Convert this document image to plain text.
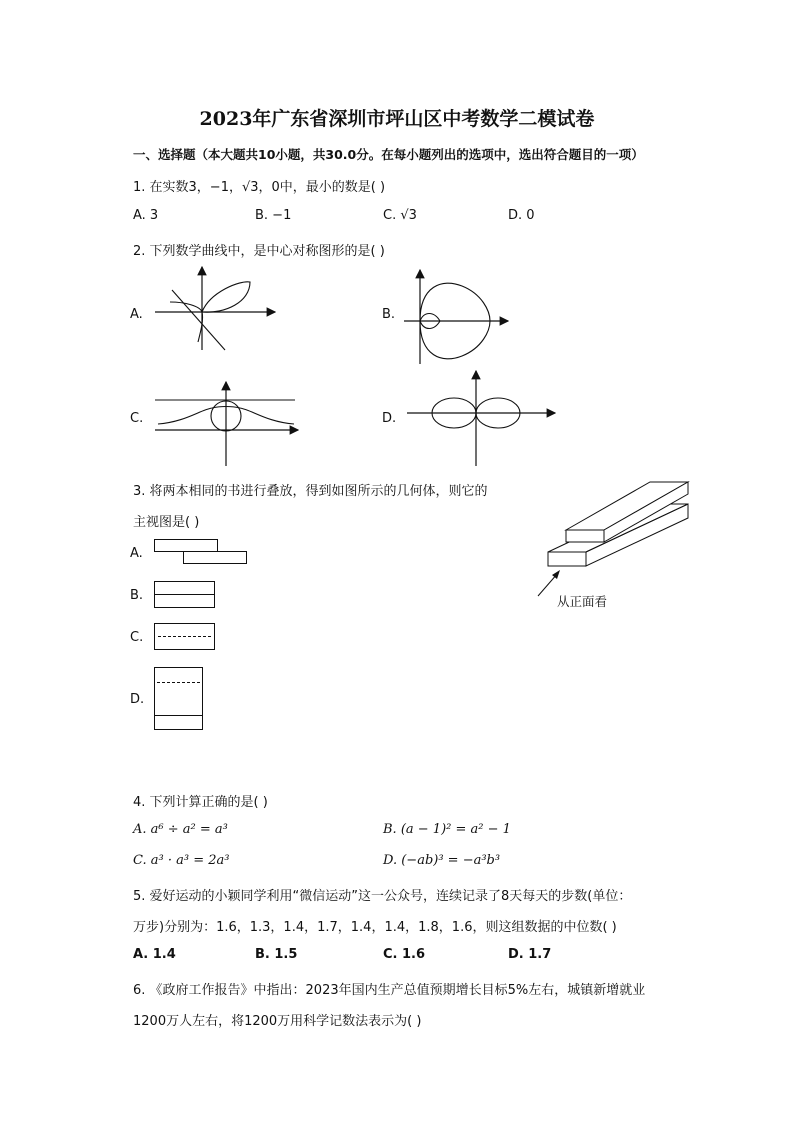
2023年广东省深圳市坪山区中考数学二模试卷
一、选择题（本大题共10小题，共30.0分。在每小题列出的选项中，选出符合题目的一项）
1. 在实数3，−1，√3，0中，最小的数是( )
A. 3	B. −1	C. √3	D. 0
2. 下列数学曲线中，是中心对称图形的是( )
A.	B.
C.	D.
3. 将两本相同的书进行叠放，得到如图所示的几何体，则它的
主视图是( )
A.
B.
C.
D.
从正面看
4. 下列计算正确的是( )
A. a⁶ ÷ a² = a³	B. (a − 1)² = a² − 1
C. a³ · a³ = 2a³	D. (−ab)³ = −a³b³
5. 爱好运动的小颖同学利用“微信运动”这一公众号，连续记录了8天每天的步数(单位：
万步)分别为：1.6，1.3，1.4，1.7，1.4，1.4，1.8，1.6，则这组数据的中位数( )
A. 1.4	B. 1.5	C. 1.6	D. 1.7
6. 《政府工作报告》中指出：2023年国内生产总值预期增长目标5%左右，城镇新增就业
1200万人左右，将1200万用科学记数法表示为( )
